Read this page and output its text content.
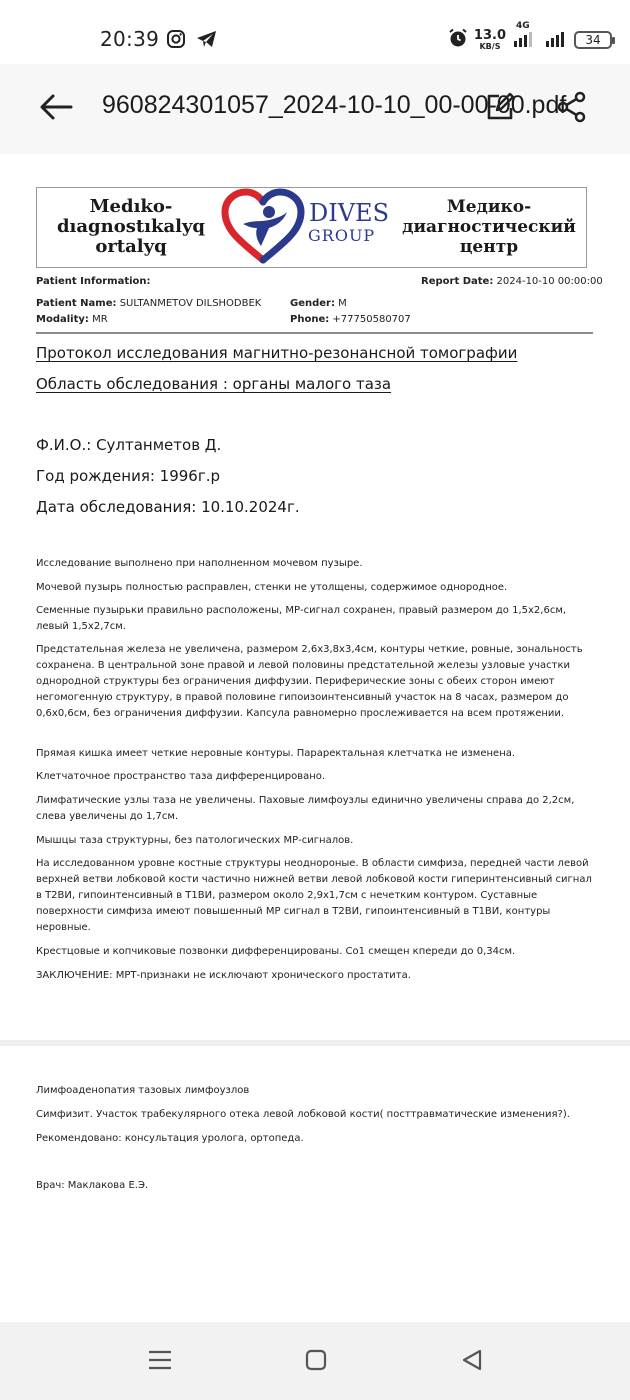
20:39	13.0
KB/S
4G
34
960824301057_2024-10-10_00-00-00.pdf
Medıko-
dıagnostıkalyq
ortalyq
DIVES
GROUP
Медико-
диагностический
центр
Patient Information:	Report Date: 2024-10-10 00:00:00
Patient Name: SULTANMETOV DILSHODBEK	Gender: M
Modality: MR	Phone: +77750580707
Протокол исследования магнитно-резонансной томографии
Область обследования : органы малого таза
Ф.И.О.: Султанметов Д.
Год рождения: 1996г.р
Дата обследования: 10.10.2024г.

Исследование выполнено при наполненном мочевом пузыре.

Мочевой пузырь полностью расправлен, стенки не утолщены, содержимое однородное.

Семенные пузырьки правильно расположены, МР-сигнал сохранен, правый размером до 1,5х2,6см, левый 1,5х2,7см.

Предстательная железа не увеличена, размером 2,6х3,8х3,4см, контуры четкие, ровные, зональность сохранена. В центральной зоне правой и левой половины предстательной железы узловые участки однородной структуры без ограничения диффузии. Периферические зоны с обеих сторон имеют негомогенную структуру, в правой половине гипоизоинтенсивный участок на 8 часах, размером до 0,6х0,6см, без ограничения диффузии. Капсула равномерно прослеживается на всем протяжении.

Прямая кишка имеет четкие неровные контуры. Параректальная клетчатка не изменена.

Клетчаточное пространство таза дифференцировано.

Лимфатические узлы таза не увеличены. Паховые лимфоузлы единично увеличены справа до 2,2см, слева увеличены до 1,7см.

Мышцы таза структурны, без патологических МР-сигналов.

На исследованном уровне костные структуры неоднороные. В области симфиза, передней части левой верхней ветви лобковой кости частично нижней ветви левой лобковой кости гиперинтенсивный сигнал в Т2ВИ, гипоинтенсивный в Т1ВИ, размером около 2,9х1,7см с нечетким контуром. Суставные поверхности симфиза имеют повышенный МР сигнал в Т2ВИ, гипоинтенсивный в Т1ВИ, контуры неровные.

Крестцовые и копчиковые позвонки дифференцированы. Со1 смещен кпереди до 0,34см.

ЗАКЛЮЧЕНИЕ: МРТ-признаки не исключают хронического простатита.

Лимфоаденопатия тазовых лимфоузлов

Симфизит. Участок трабекулярного отека левой лобковой кости( посттравматические изменения?).

Рекомендовано: консультация уролога, ортопеда.

Врач: Маклакова Е.Э.
